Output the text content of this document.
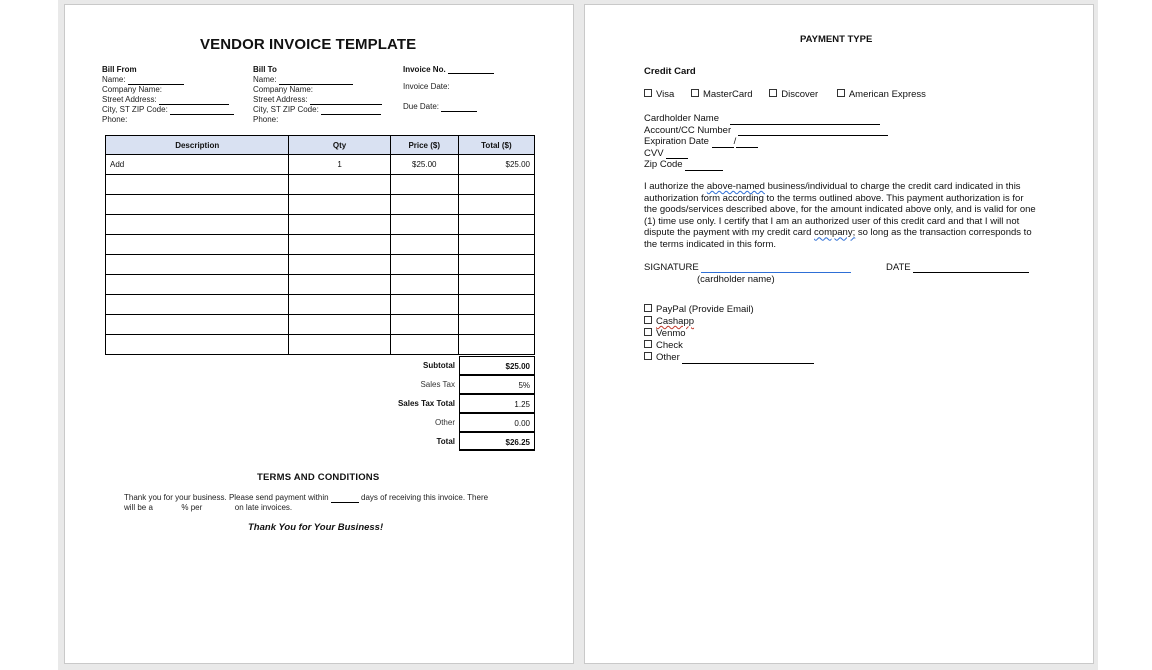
VENDOR INVOICE TEMPLATE
Bill From
Name:
Company Name:
Street Address:
City, ST ZIP Code:
Phone:
Bill To
Name:
Company Name:
Street Address:
City, ST ZIP Code:
Phone:
Invoice No.
Invoice Date:
Due Date:
Description	Qty	Price ($)	Total ($)
Add	1	$25.00	$25.00

Subtotal	$25.00
Sales Tax	5%
Sales Tax Total	1.25
Other	0.00
Total	$26.25
TERMS AND CONDITIONS
Thank you for your business. Please send payment within	days of receiving this invoice. There
will be a	% per	on late invoices.
Thank You for Your Business!
PAYMENT TYPE
Credit Card
Visa	MasterCard	Discover	American Express
Cardholder Name
Account/CC Number
Expiration Date	/
CVV
Zip Code
I authorize the above-named business/individual to charge the credit card indicated in this authorization form according to the terms outlined above. This payment authorization is for the goods/services described above, for the amount indicated above only, and is valid for one (1) time use only. I certify that I am an authorized user of this credit card and that I will not dispute the payment with my credit card company; so long as the transaction corresponds to the terms indicated in this form.
SIGNATURE
(cardholder name)
DATE
PayPal (Provide Email)
Cashapp
Venmo
Check
Other
